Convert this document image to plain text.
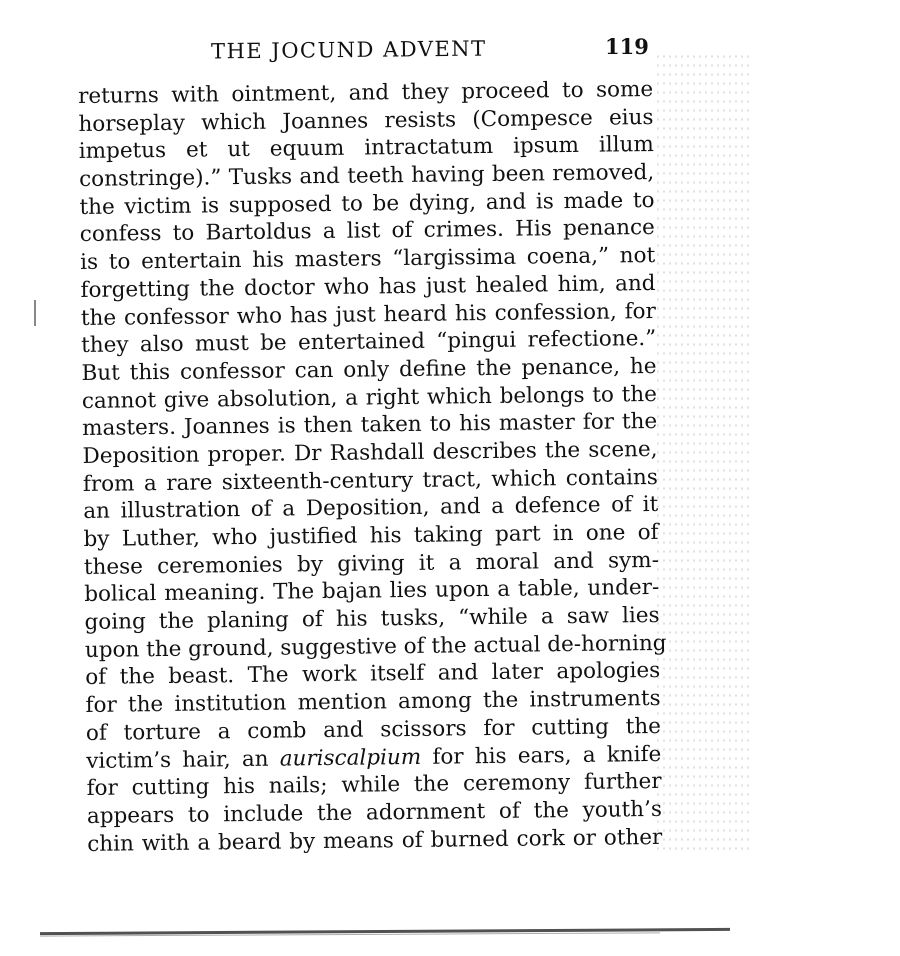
THE JOCUND ADVENT	119
returns with ointment, and they proceed to some
horseplay which Joannes resists (Compesce eius
impetus et ut equum intractatum ipsum illum
constringe).” Tusks and teeth having been removed,
the victim is supposed to be dying, and is made to
confess to Bartoldus a list of crimes. His penance
is to entertain his masters “largissima coena,” not
forgetting the doctor who has just healed him, and
the confessor who has just heard his confession, for
they also must be entertained “pingui refectione.”
But this confessor can only define the penance, he
cannot give absolution, a right which belongs to the
masters. Joannes is then taken to his master for the
Deposition proper. Dr Rashdall describes the scene,
from a rare sixteenth-century tract, which contains
an illustration of a Deposition, and a defence of it
by Luther, who justified his taking part in one of
these ceremonies by giving it a moral and sym-
bolical meaning. The bajan lies upon a table, under-
going the planing of his tusks, “while a saw lies
upon the ground, suggestive of the actual de-horning
of the beast. The work itself and later apologies
for the institution mention among the instruments
of torture a comb and scissors for cutting the
victim’s hair, an auriscalpium for his ears, a knife
for cutting his nails; while the ceremony further
appears to include the adornment of the youth’s
chin with a beard by means of burned cork or other
